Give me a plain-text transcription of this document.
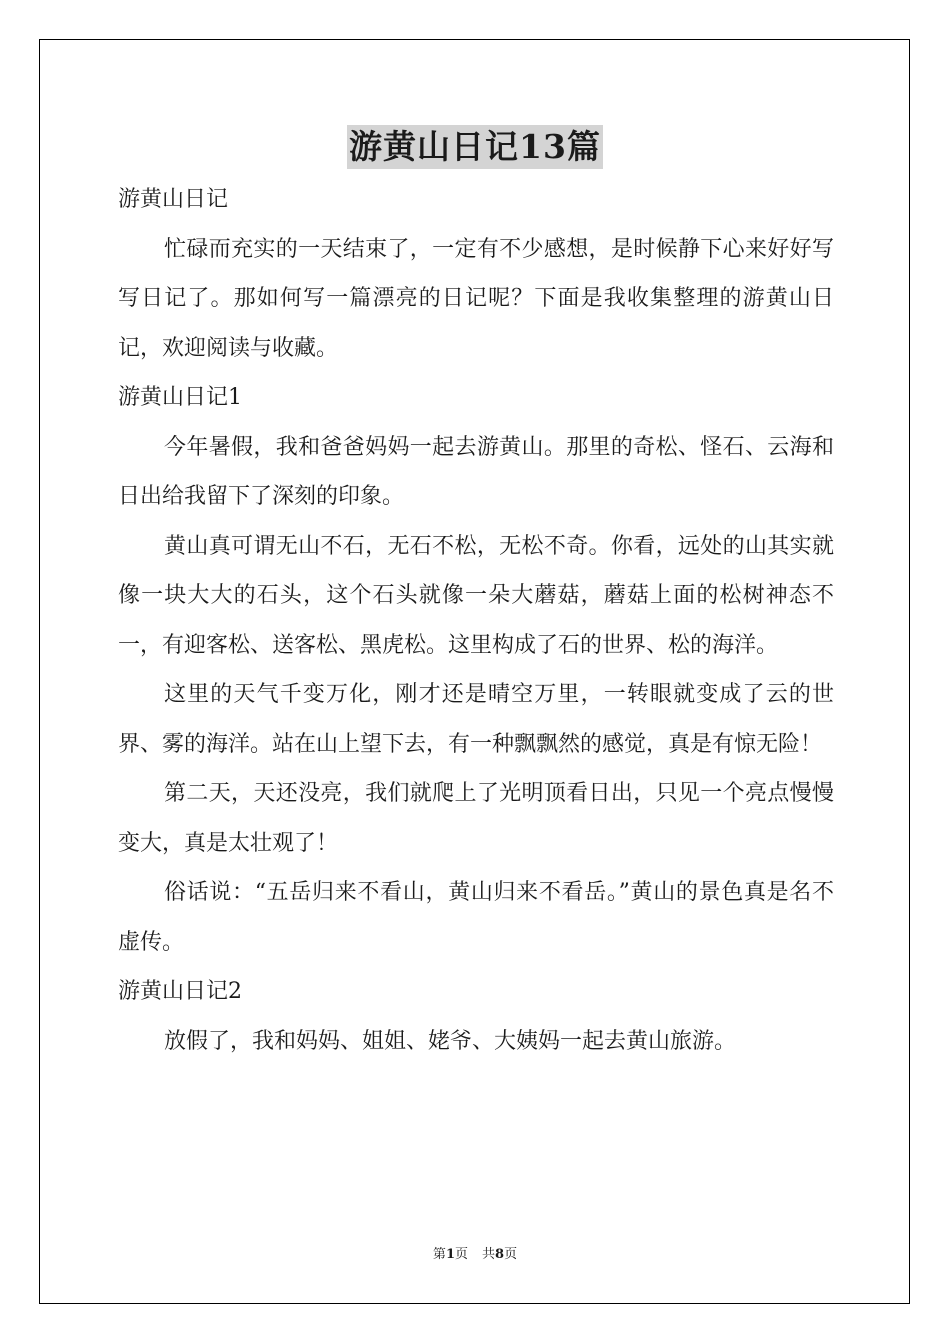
游黄山日记13篇

游黄山日记

忙碌而充实的一天结束了，一定有不少感想，是时候静下心来好好写写日记了。那如何写一篇漂亮的日记呢？下面是我收集整理的游黄山日记，欢迎阅读与收藏。

游黄山日记1

今年暑假，我和爸爸妈妈一起去游黄山。那里的奇松、怪石、云海和日出给我留下了深刻的印象。

黄山真可谓无山不石，无石不松，无松不奇。你看，远处的山其实就像一块大大的石头，这个石头就像一朵大蘑菇，蘑菇上面的松树神态不一，有迎客松、送客松、黑虎松。这里构成了石的世界、松的海洋。

这里的天气千变万化，刚才还是晴空万里，一转眼就变成了云的世界、雾的海洋。站在山上望下去，有一种飘飘然的感觉，真是有惊无险！

第二天，天还没亮，我们就爬上了光明顶看日出，只见一个亮点慢慢变大，真是太壮观了！

俗话说：“五岳归来不看山，黄山归来不看岳。”黄山的景色真是名不虚传。

游黄山日记2

放假了，我和妈妈、姐姐、姥爷、大姨妈一起去黄山旅游。

第1页 共8页
